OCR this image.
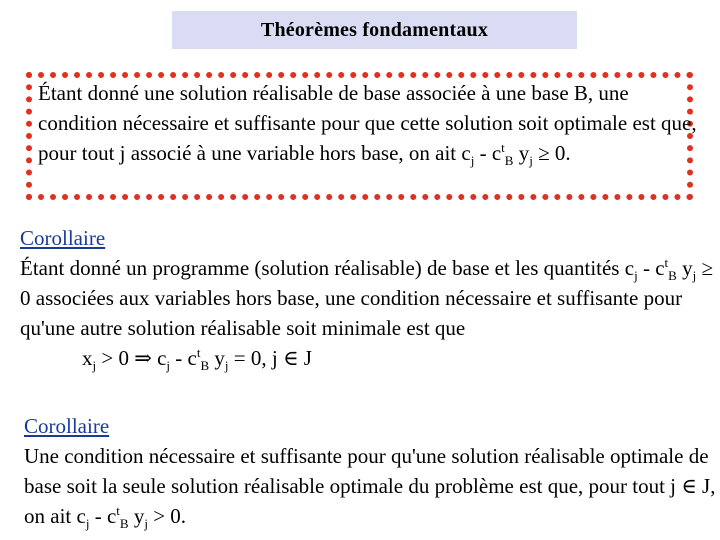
Théorèmes fondamentaux
Étant donné une solution réalisable de base associée à une base B, une condition nécessaire et suffisante pour que cette solution soit optimale est que, pour tout j associé à une variable hors base, on ait $c_j - c^t_B$ $y_j \ge 0$.
Corollaire
Étant donné un programme (solution réalisable) de base et les quantités $c_j - c^t_B$ $y_j \ge 0$ associées aux variables hors base, une condition nécessaire et suffisante pour qu'une autre solution réalisable soit minimale est que
$x_j > 0$ ⇒ $c_j - c^t_B$ $y_j = 0$, j ∈ J
Corollaire
Une condition nécessaire et suffisante pour qu'une solution réalisable optimale de base soit la seule solution réalisable optimale du problème est que, pour tout j ∈ J, on ait $c_j - c^t_B$ $y_j > 0$.
